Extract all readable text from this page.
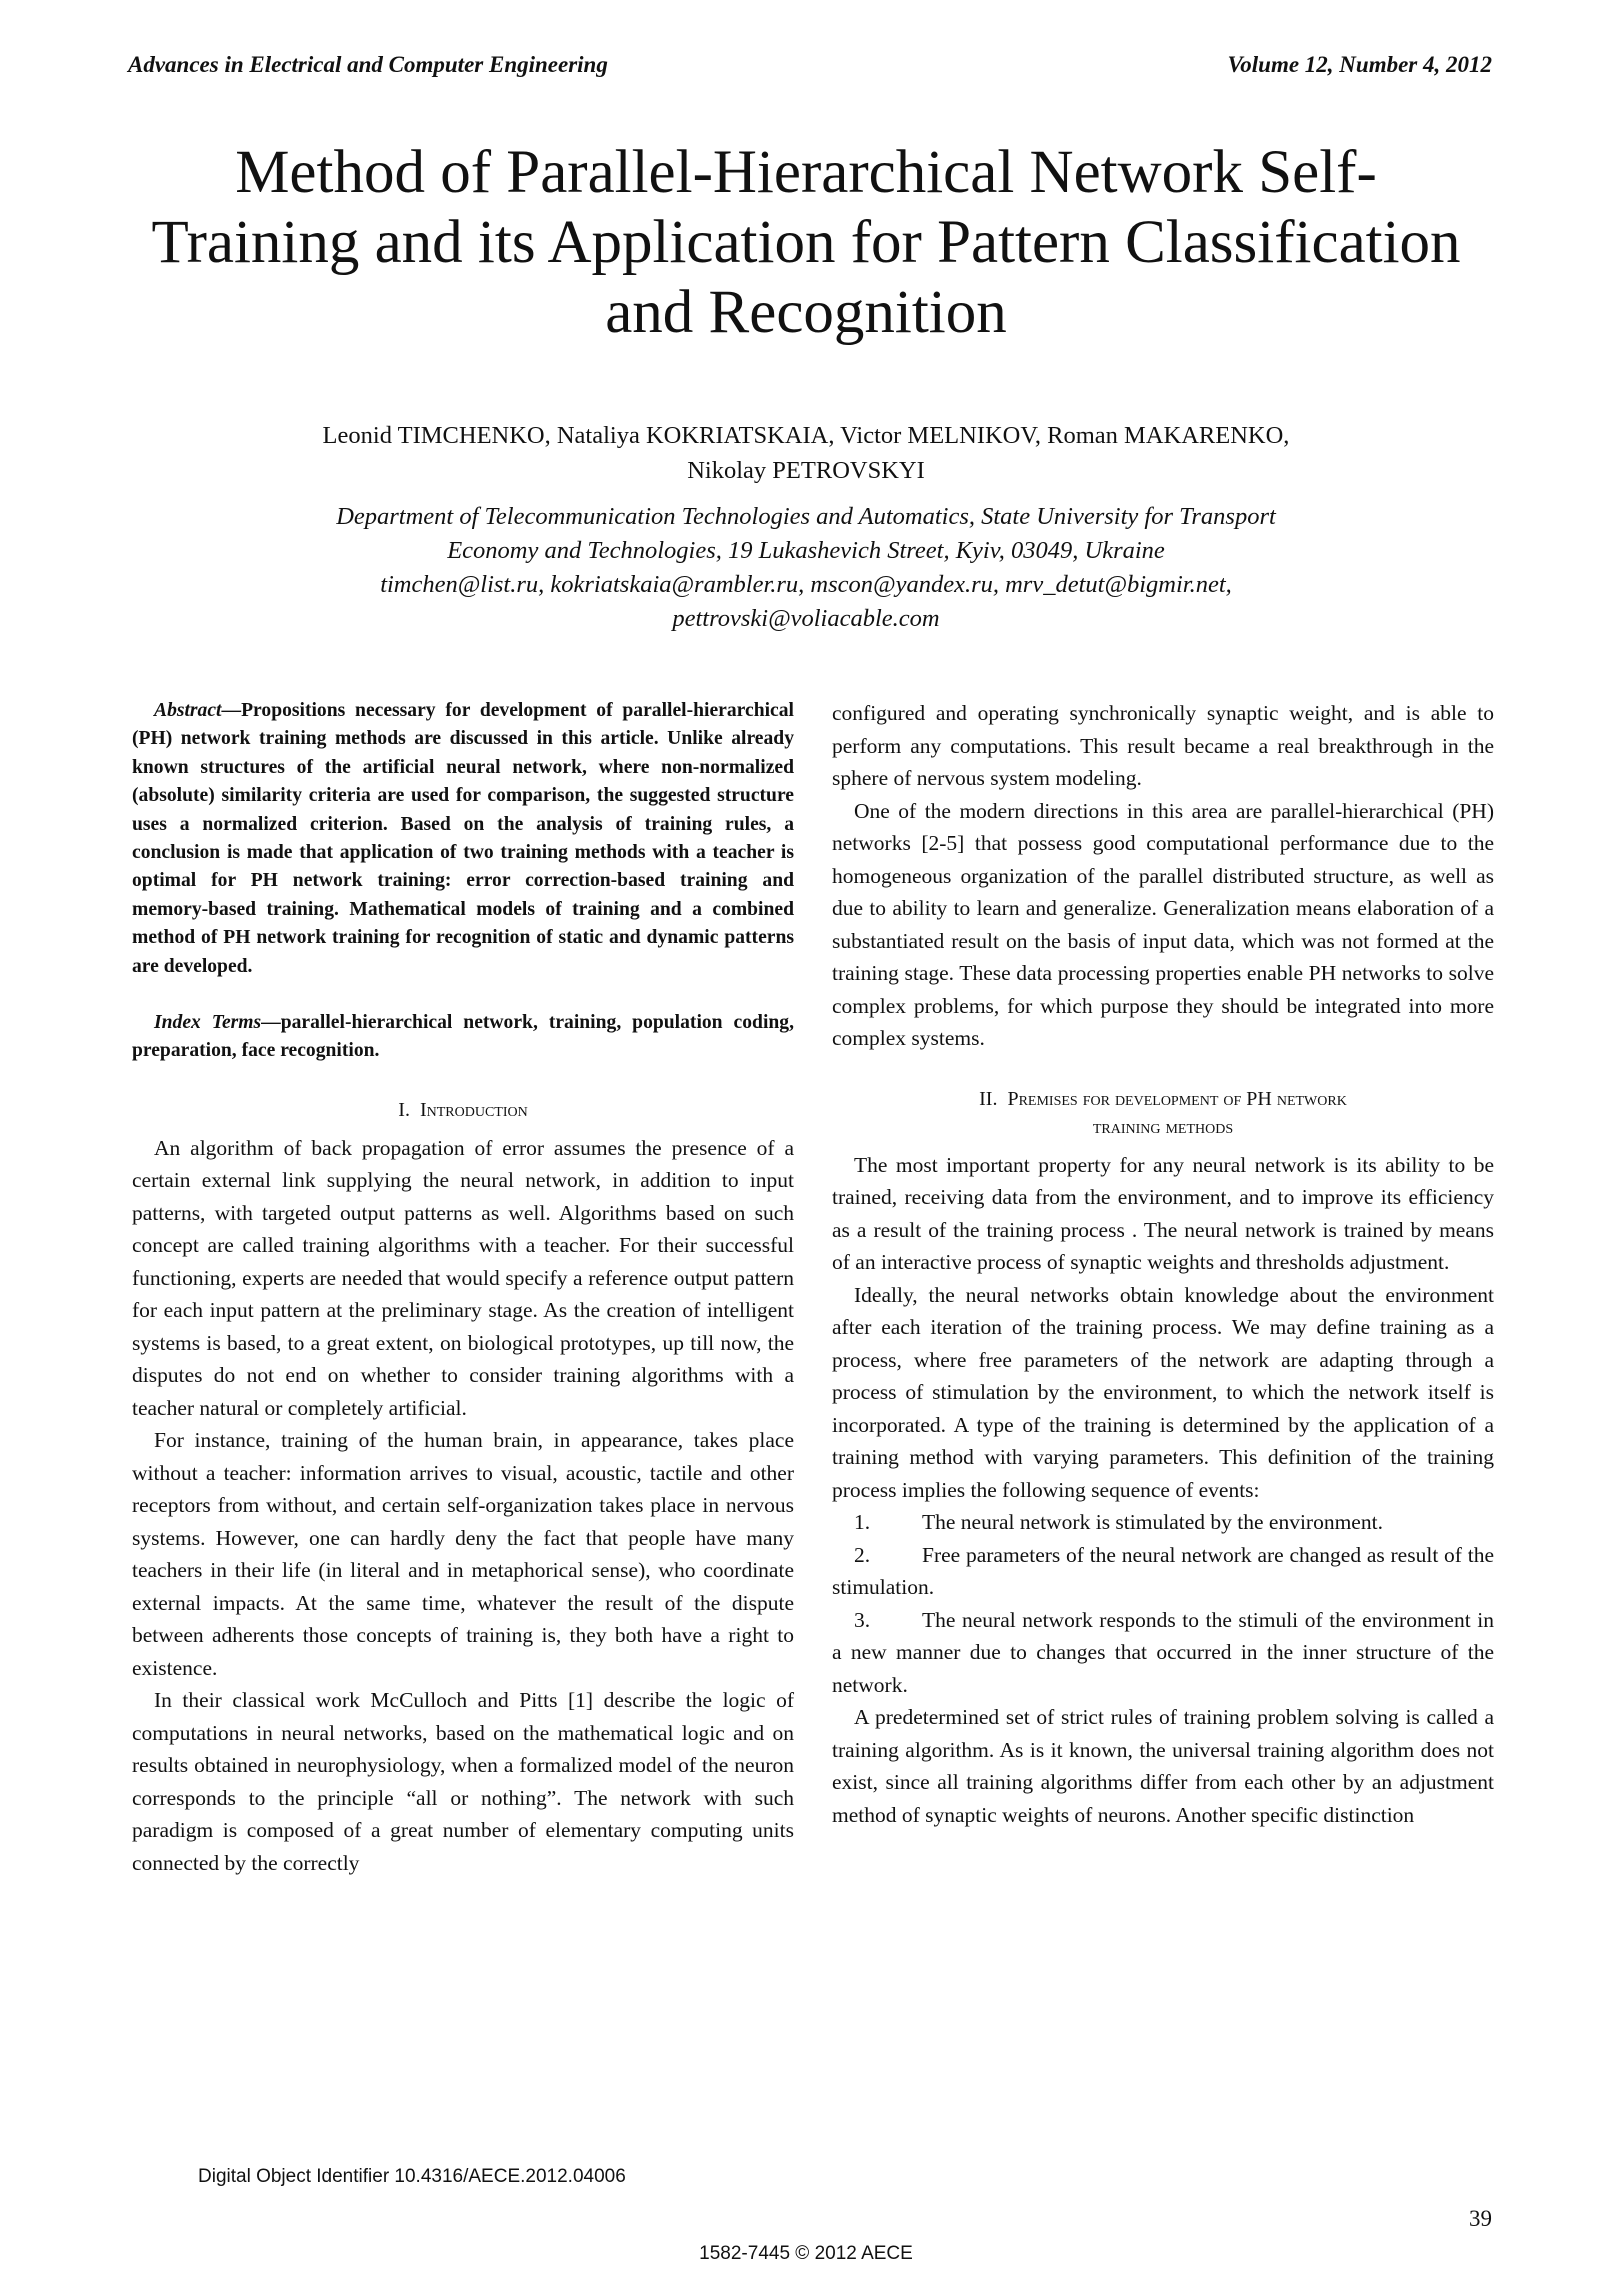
Advances in Electrical and Computer Engineering	Volume 12, Number 4, 2012
Method of Parallel-Hierarchical Network Self-Training and its Application for Pattern Classification and Recognition
Leonid TIMCHENKO, Nataliya KOKRIATSKAIA, Victor MELNIKOV, Roman MAKARENKO,
Nikolay PETROVSKYI
Department of Telecommunication Technologies and Automatics, State University for Transport
Economy and Technologies, 19 Lukashevich Street, Kyiv, 03049, Ukraine
timchen@list.ru, kokriatskaia@rambler.ru, mscon@yandex.ru, mrv_detut@bigmir.net,
pettrovski@voliacable.com

Abstract—Propositions necessary for development of parallel-hierarchical (PH) network training methods are discussed in this article. Unlike already known structures of the artificial neural network, where non-normalized (absolute) similarity criteria are used for comparison, the suggested structure uses a normalized criterion. Based on the analysis of training rules, a conclusion is made that application of two training methods with a teacher is optimal for PH network training: error correction-based training and memory-based training. Mathematical models of training and a combined method of PH network training for recognition of static and dynamic patterns are developed.

Index Terms—parallel-hierarchical network, training, population coding, preparation, face recognition.

I. Introduction

An algorithm of back propagation of error assumes the presence of a certain external link supplying the neural network, in addition to input patterns, with targeted output patterns as well. Algorithms based on such concept are called training algorithms with a teacher. For their successful functioning, experts are needed that would specify a reference output pattern for each input pattern at the preliminary stage. As the creation of intelligent systems is based, to a great extent, on biological prototypes, up till now, the disputes do not end on whether to consider training algorithms with a teacher natural or completely artificial.

For instance, training of the human brain, in appearance, takes place without a teacher: information arrives to visual, acoustic, tactile and other receptors from without, and certain self-organization takes place in nervous systems. However, one can hardly deny the fact that people have many teachers in their life (in literal and in metaphorical sense), who coordinate external impacts. At the same time, whatever the result of the dispute between adherents those concepts of training is, they both have a right to existence.

In their classical work McCulloch and Pitts [1] describe the logic of computations in neural networks, based on the mathematical logic and on results obtained in neurophysiology, when a formalized model of the neuron corresponds to the principle “all or nothing”. The network with such paradigm is composed of a great number of elementary computing units connected by the correctly

configured and operating synchronically synaptic weight, and is able to perform any computations. This result became a real breakthrough in the sphere of nervous system modeling.

One of the modern directions in this area are parallel-hierarchical (PH) networks [2-5] that possess good computational performance due to the homogeneous organization of the parallel distributed structure, as well as due to ability to learn and generalize. Generalization means elaboration of a substantiated result on the basis of input data, which was not formed at the training stage. These data processing properties enable PH networks to solve complex problems, for which purpose they should be integrated into more complex systems.

II. Premises for development of PH network
training methods

The most important property for any neural network is its ability to be trained, receiving data from the environment, and to improve its efficiency as a result of the training process . The neural network is trained by means of an interactive process of synaptic weights and thresholds adjustment.

Ideally, the neural networks obtain knowledge about the environment after each iteration of the training process. We may define training as a process, where free parameters of the network are adapting through a process of stimulation by the environment, to which the network itself is incorporated. A type of the training is determined by the application of a training method with varying parameters. This definition of the training process implies the following sequence of events:

1. The neural network is stimulated by the environment.

2. Free parameters of the neural network are changed as result of the stimulation.

3. The neural network responds to the stimuli of the environment in a new manner due to changes that occurred in the inner structure of the network.

A predetermined set of strict rules of training problem solving is called a training algorithm. As is it known, the universal training algorithm does not exist, since all training algorithms differ from each other by an adjustment method of synaptic weights of neurons. Another specific distinction

Digital Object Identifier 10.4316/AECE.2012.04006
39
1582-7445 © 2012 AECE
